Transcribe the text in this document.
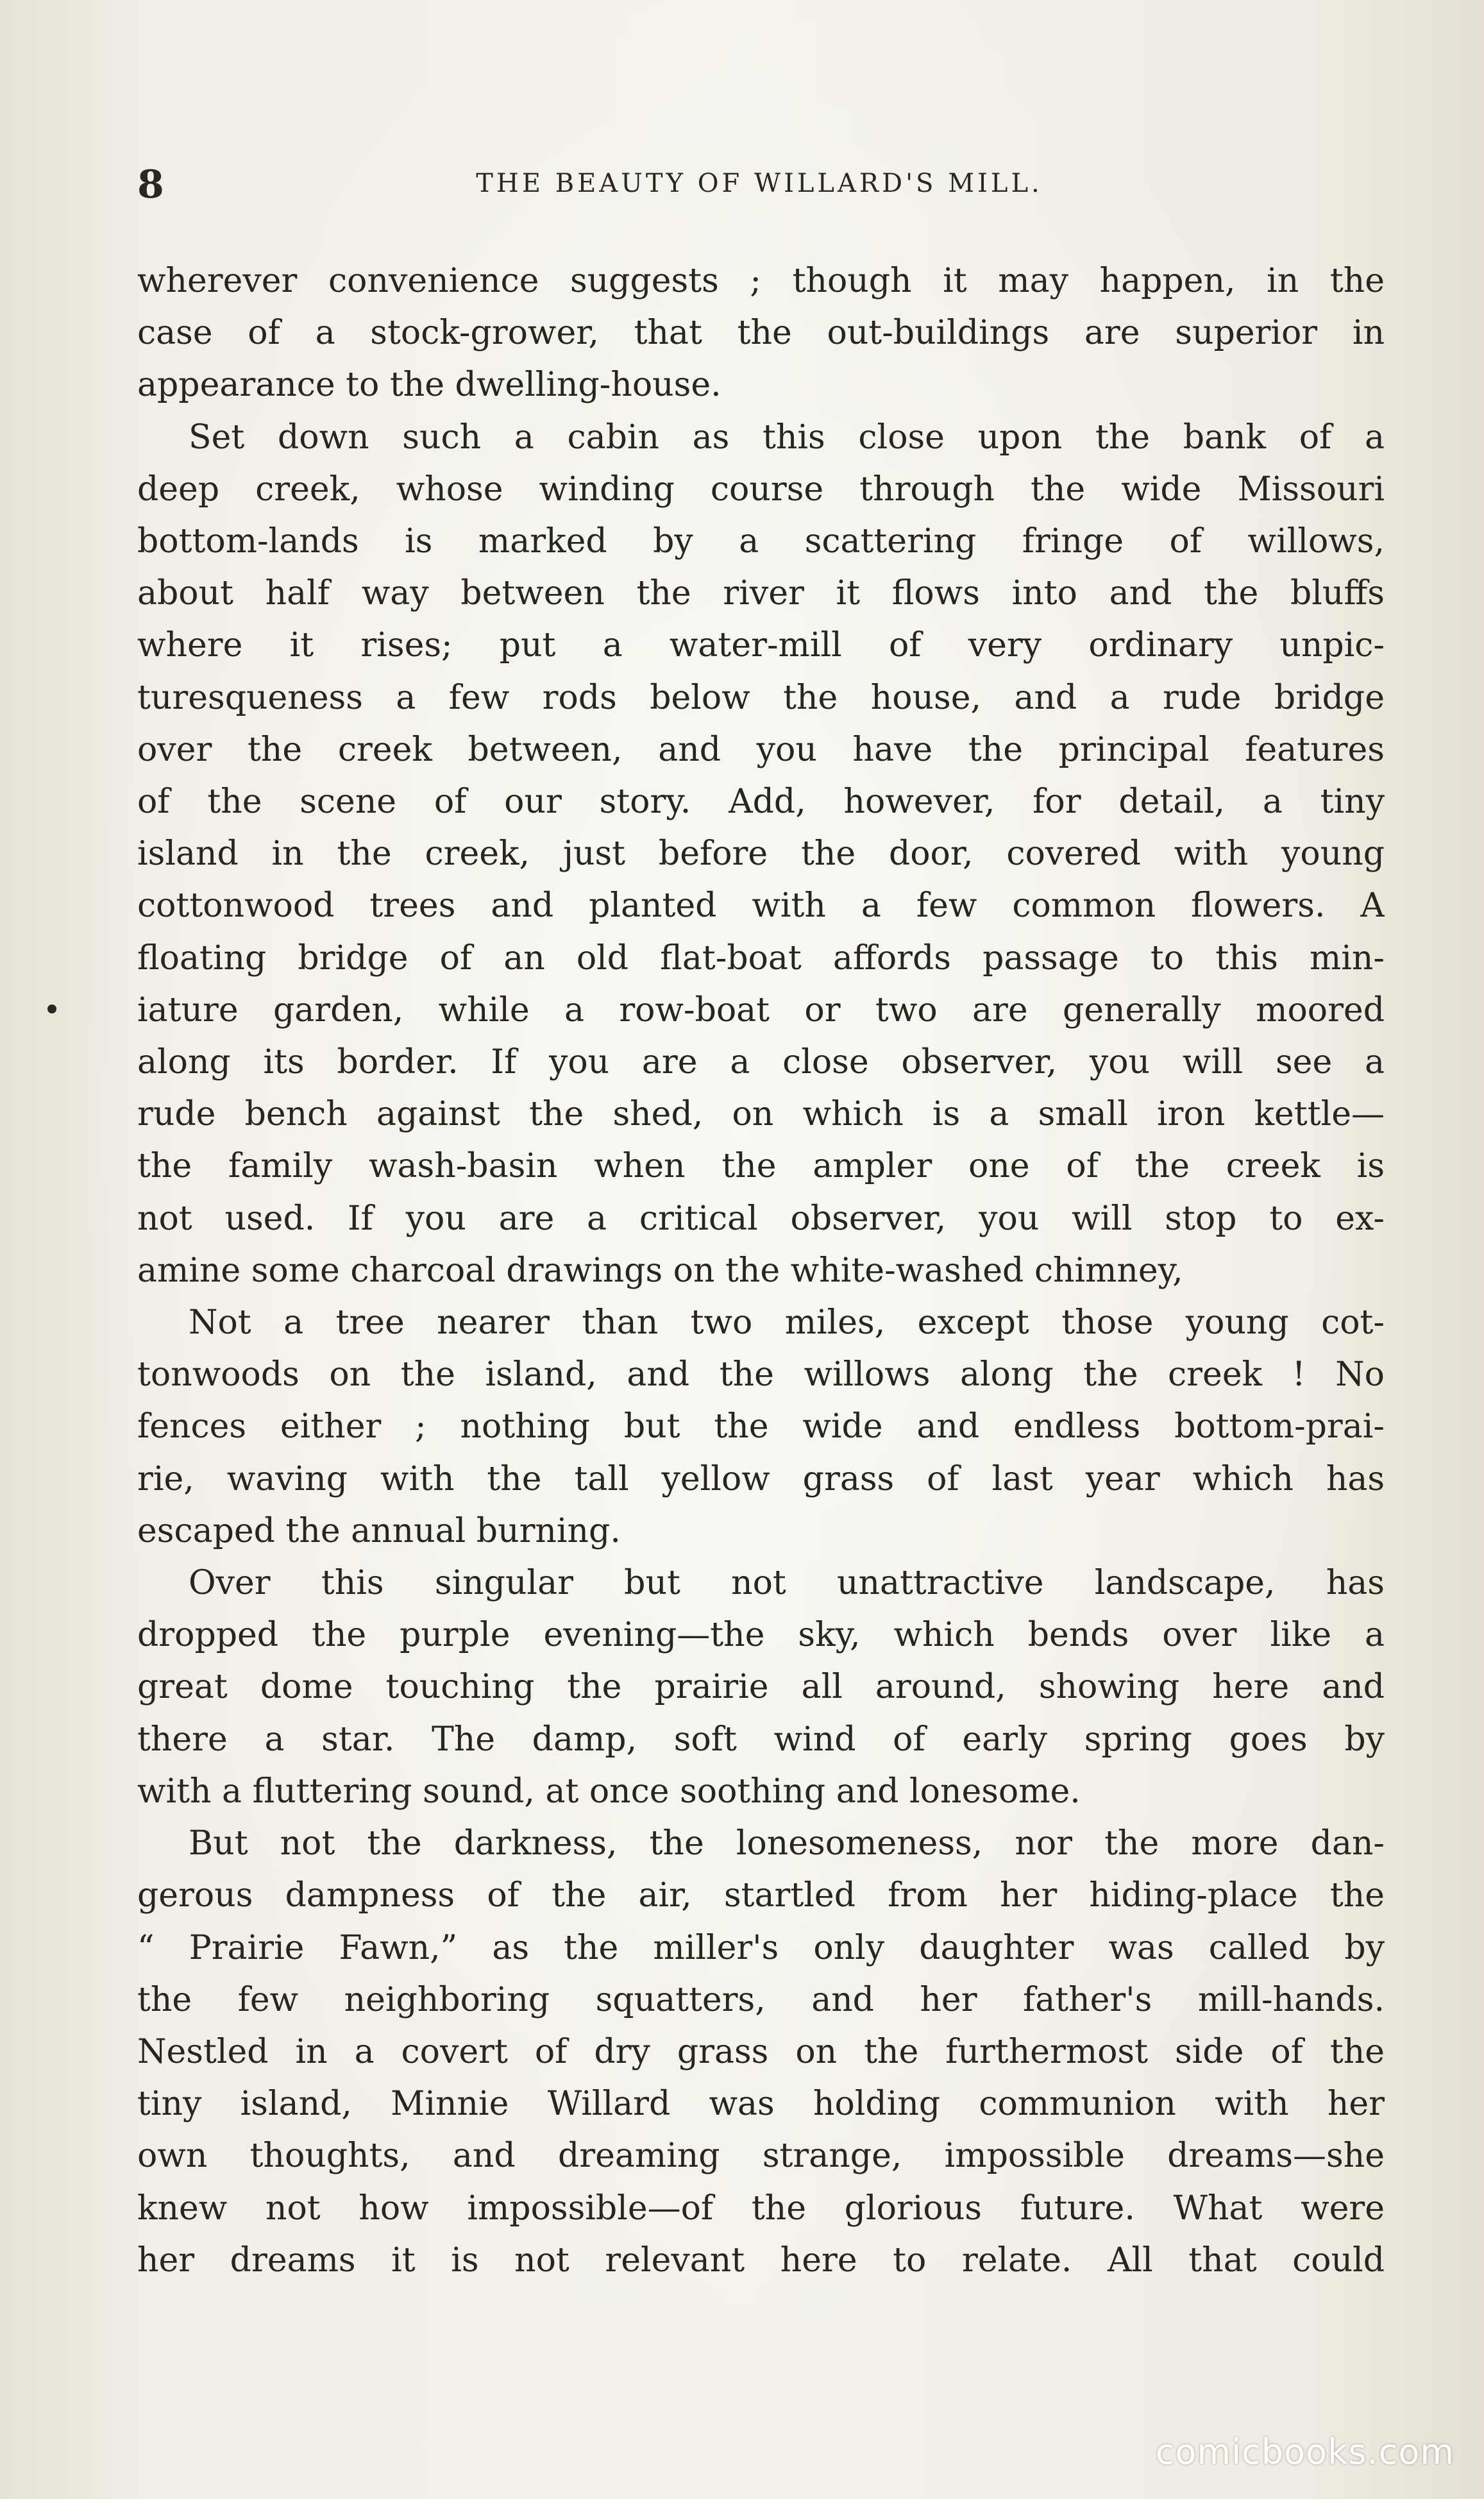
8	THE BEAUTY OF WILLARD'S MILL.

wherever convenience suggests ; though it may happen, in the
case of a stock-grower, that the out-buildings are superior in
appearance to the dwelling-house.

Set down such a cabin as this close upon the bank of a
deep creek, whose winding course through the wide Missouri
bottom-lands is marked by a scattering fringe of willows,
about half way between the river it flows into and the bluffs
where it rises; put a water-mill of very ordinary unpic-
turesqueness a few rods below the house, and a rude bridge
over the creek between, and you have the principal features
of the scene of our story. Add, however, for detail, a tiny
island in the creek, just before the door, covered with young
cottonwood trees and planted with a few common flowers. A
floating bridge of an old flat-boat affords passage to this min-
iature garden, while a row-boat or two are generally moored
along its border. If you are a close observer, you will see a
rude bench against the shed, on which is a small iron kettle—
the family wash-basin when the ampler one of the creek is
not used. If you are a critical observer, you will stop to ex-
amine some charcoal drawings on the white-washed chimney,

Not a tree nearer than two miles, except those young cot-
tonwoods on the island, and the willows along the creek ! No
fences either ; nothing but the wide and endless bottom-prai-
rie, waving with the tall yellow grass of last year which has
escaped the annual burning.

Over this singular but not unattractive landscape, has
dropped the purple evening—the sky, which bends over like a
great dome touching the prairie all around, showing here and
there a star. The damp, soft wind of early spring goes by
with a fluttering sound, at once soothing and lonesome.

But not the darkness, the lonesomeness, nor the more dan-
gerous dampness of the air, startled from her hiding-place the
“ Prairie Fawn,” as the miller's only daughter was called by
the few neighboring squatters, and her father's mill-hands.
Nestled in a covert of dry grass on the furthermost side of the
tiny island, Minnie Willard was holding communion with her
own thoughts, and dreaming strange, impossible dreams—she
knew not how impossible—of the glorious future. What were
her dreams it is not relevant here to relate. All that could

comicbooks.com
